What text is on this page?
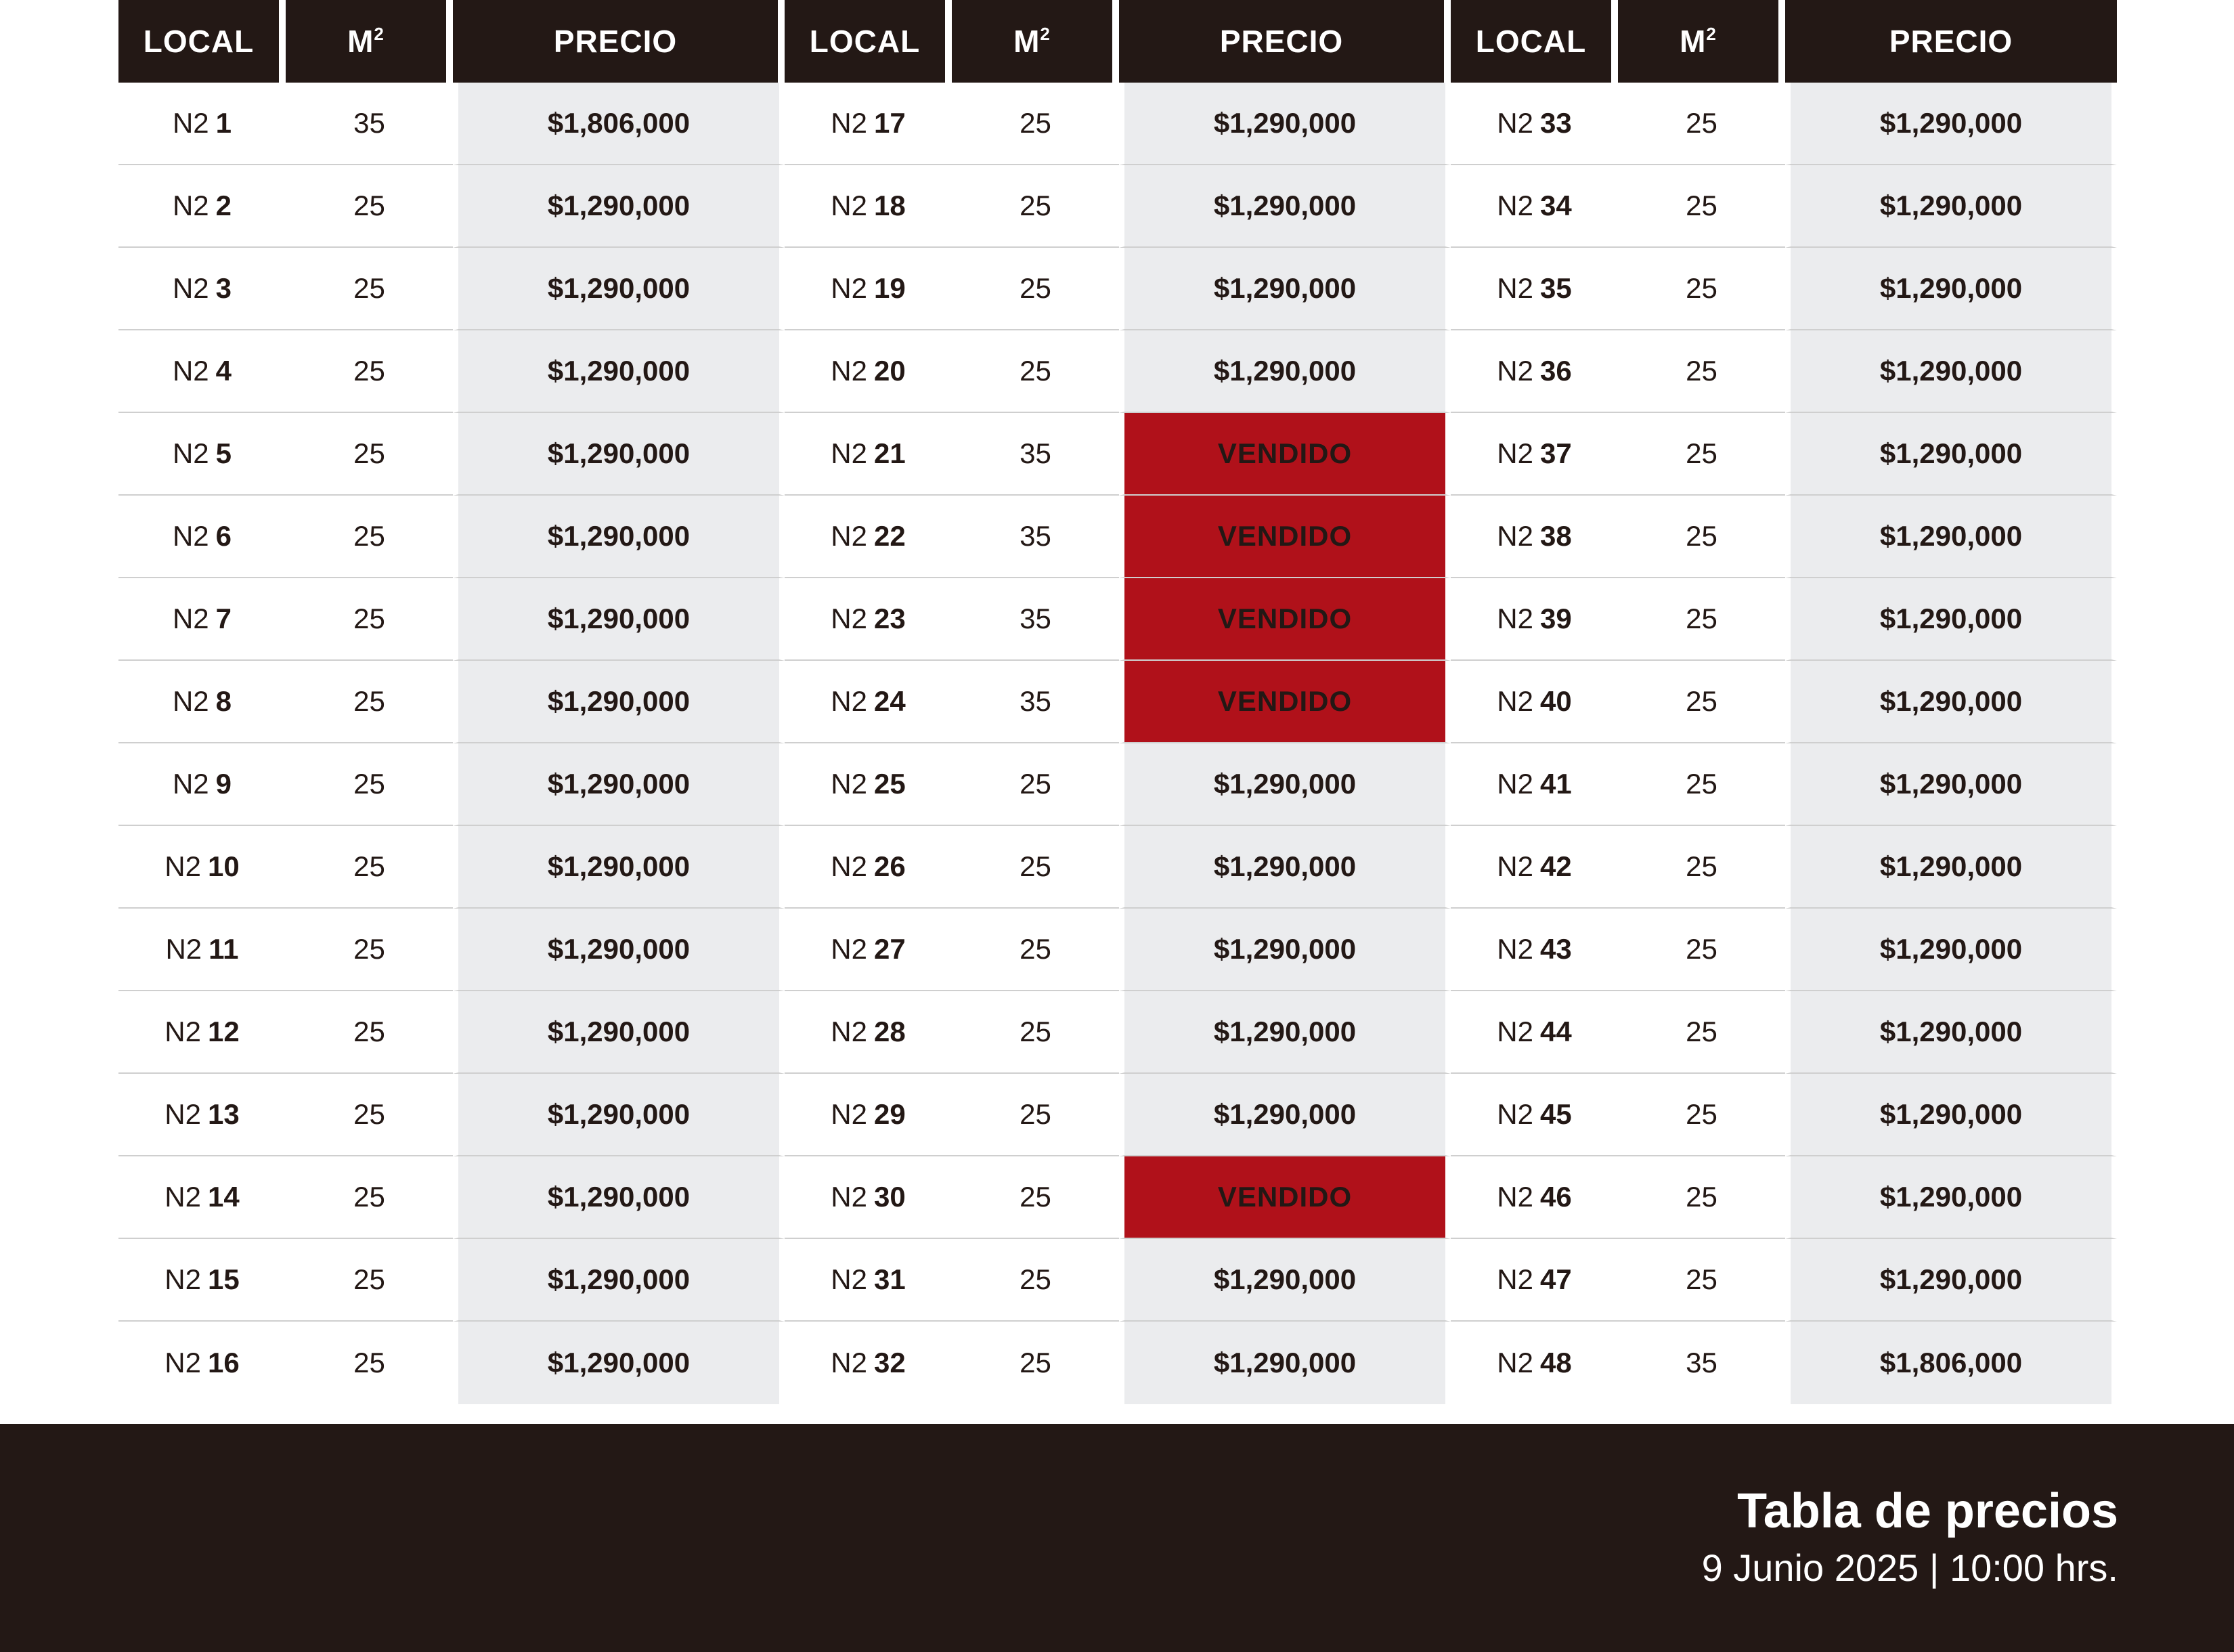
LOCAL	$M^2$	PRECIO	LOCAL	$M^2$	PRECIO	LOCAL	$M^2$	PRECIO
N2 1	35	$1,806,000	N2 17	25	$1,290,000	N2 33	25	$1,290,000
N2 2	25	$1,290,000	N2 18	25	$1,290,000	N2 34	25	$1,290,000
N2 3	25	$1,290,000	N2 19	25	$1,290,000	N2 35	25	$1,290,000
N2 4	25	$1,290,000	N2 20	25	$1,290,000	N2 36	25	$1,290,000
N2 5	25	$1,290,000	N2 21	35	VENDIDO	N2 37	25	$1,290,000
N2 6	25	$1,290,000	N2 22	35	VENDIDO	N2 38	25	$1,290,000
N2 7	25	$1,290,000	N2 23	35	VENDIDO	N2 39	25	$1,290,000
N2 8	25	$1,290,000	N2 24	35	VENDIDO	N2 40	25	$1,290,000
N2 9	25	$1,290,000	N2 25	25	$1,290,000	N2 41	25	$1,290,000
N2 10	25	$1,290,000	N2 26	25	$1,290,000	N2 42	25	$1,290,000
N2 11	25	$1,290,000	N2 27	25	$1,290,000	N2 43	25	$1,290,000
N2 12	25	$1,290,000	N2 28	25	$1,290,000	N2 44	25	$1,290,000
N2 13	25	$1,290,000	N2 29	25	$1,290,000	N2 45	25	$1,290,000
N2 14	25	$1,290,000	N2 30	25	VENDIDO	N2 46	25	$1,290,000
N2 15	25	$1,290,000	N2 31	25	$1,290,000	N2 47	25	$1,290,000
N2 16	25	$1,290,000	N2 32	25	$1,290,000	N2 48	35	$1,806,000
Tabla de precios
9 Junio 2025 | 10:00 hrs.
